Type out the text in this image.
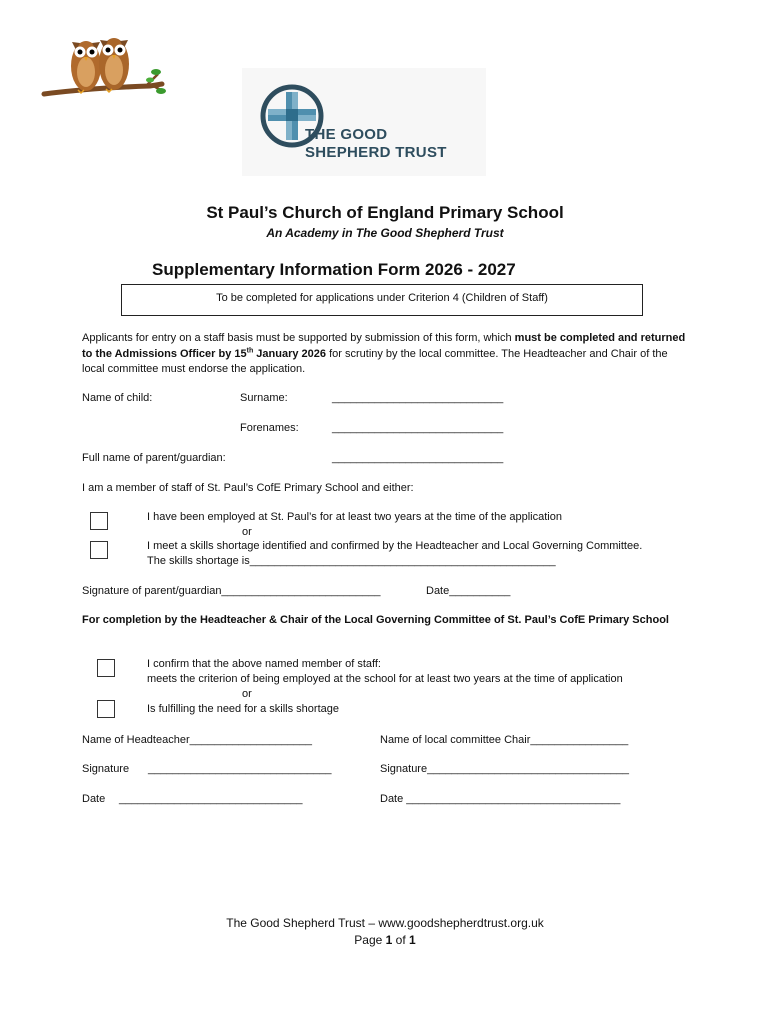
THE GOOD
SHEPHERD TRUST
St Paul’s Church of England Primary School
An Academy in The Good Shepherd Trust
Supplementary Information Form 2026 - 2027
To be completed for applications under Criterion 4 (Children of Staff)
Applicants for entry on a staff basis must be supported by submission of this form, which must be completed and returned to the Admissions Officer by 15th January 2026 for scrutiny by the local committee. The Headteacher and Chair of the local committee must endorse the application.
Name of child:	Surname:	____________________________
Forenames:	____________________________
Full name of parent/guardian:	____________________________
I am a member of staff of St. Paul’s CofE Primary School and either:
I have been employed at St. Paul’s for at least two years at the time of the application
or
I meet a skills shortage identified and confirmed by the Headteacher and Local Governing Committee.
The skills shortage is__________________________________________________
Signature of parent/guardian__________________________	Date__________
For completion by the Headteacher & Chair of the Local Governing Committee of St. Paul’s CofE Primary School
I confirm that the above named member of staff:
meets the criterion of being employed at the school for at least two years at the time of application
or
Is fulfilling the need for a skills shortage
Name of Headteacher____________________	Name of local committee Chair________________
Signature ______________________________	Signature_________________________________
Date ______________________________	Date ___________________________________
The Good Shepherd Trust – www.goodshepherdtrust.org.uk
Page 1 of 1
